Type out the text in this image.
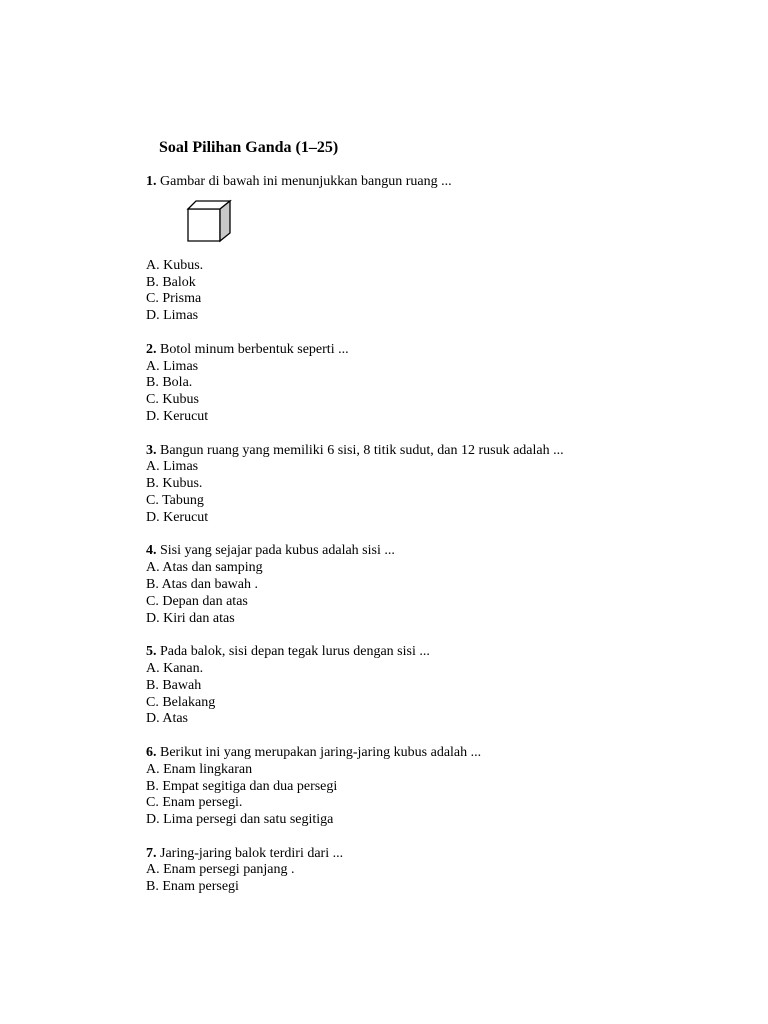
Soal Pilihan Ganda (1–25)
1. Gambar di bawah ini menunjukkan bangun ruang ...
A. Kubus.
B. Balok
C. Prisma
D. Limas
2. Botol minum berbentuk seperti ...
A. Limas
B. Bola.
C. Kubus
D. Kerucut
3. Bangun ruang yang memiliki 6 sisi, 8 titik sudut, dan 12 rusuk adalah ...
A. Limas
B. Kubus.
C. Tabung
D. Kerucut
4. Sisi yang sejajar pada kubus adalah sisi ...
A. Atas dan samping
B. Atas dan bawah .
C. Depan dan atas
D. Kiri dan atas
5. Pada balok, sisi depan tegak lurus dengan sisi ...
A. Kanan.
B. Bawah
C. Belakang
D. Atas
6. Berikut ini yang merupakan jaring-jaring kubus adalah ...
A. Enam lingkaran
B. Empat segitiga dan dua persegi
C. Enam persegi.
D. Lima persegi dan satu segitiga
7. Jaring-jaring balok terdiri dari ...
A. Enam persegi panjang .
B. Enam persegi
